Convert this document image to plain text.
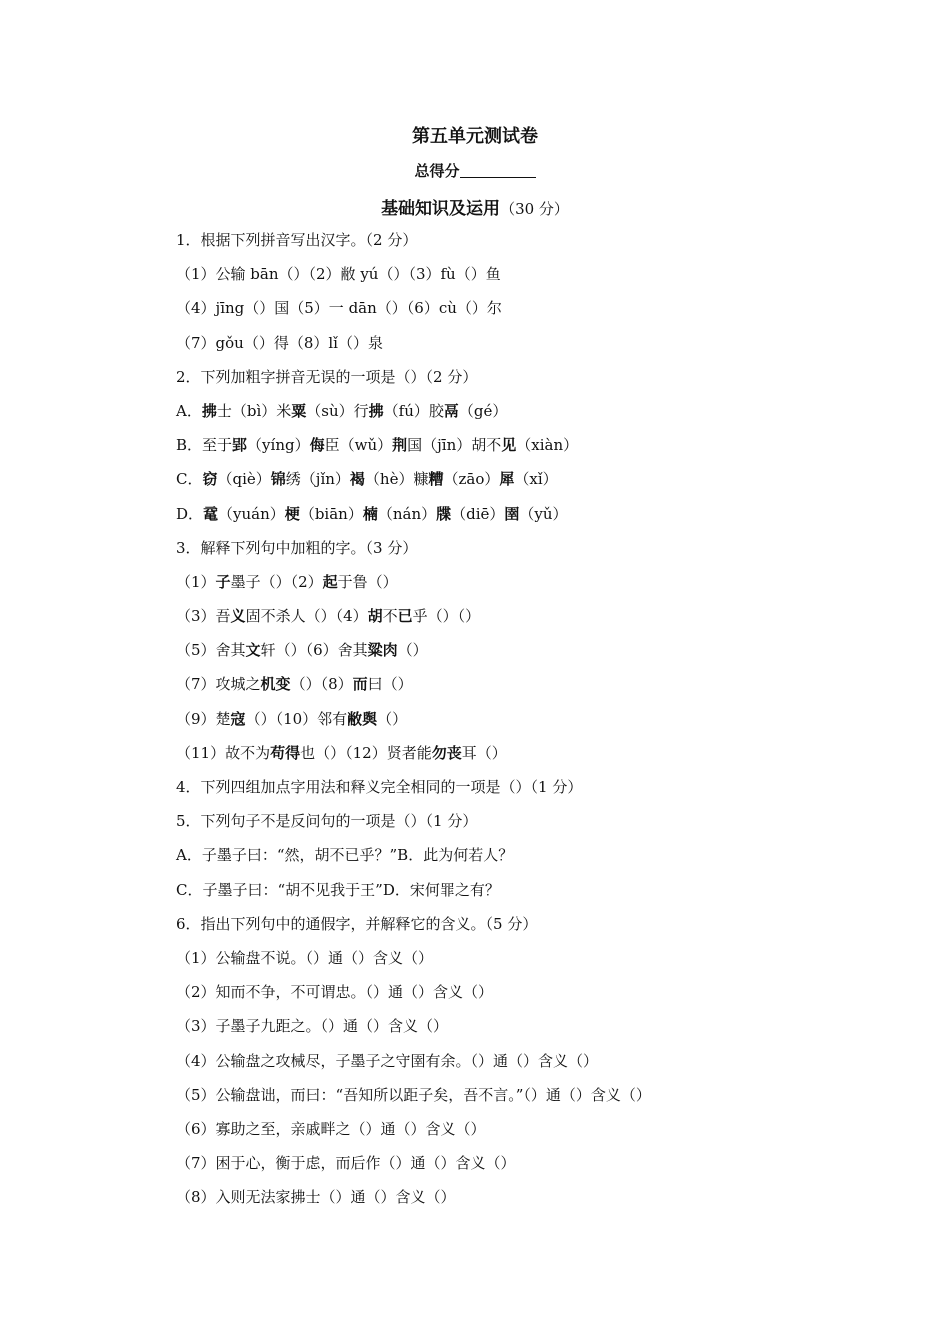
第五单元测试卷
总得分
基础知识及运用（30 分）
1．根据下列拼音写出汉字。（2 分）
（1）公输 bān（）（2）敝 yú（）（3）fù（）鱼
（4）jīng（）国（5）一 dān（）（6）cù（）尔
（7）gǒu（）得（8）lǐ（）泉
2．下列加粗字拼音无误的一项是（）（2 分）
A．拂士（bì）米粟（sù）行拂（fú）胶鬲（gé）
B．至于郢（yíng）侮臣（wǔ）荆国（jīn）胡不见（xiàn）
C．窃（qiè）锦绣（jǐn）褐（hè）糠糟（zāo）犀（xǐ）
D．鼋（yuán）梗（biān）楠（nán）牒（diē）圉（yǔ）
3．解释下列句中加粗的字。（3 分）
（1）子墨子（）（2）起于鲁（）
（3）吾义固不杀人（）（4）胡不已乎（）（）
（5）舍其文轩（）（6）舍其粱肉（）
（7）攻城之机变（）（8）而曰（）
（9）楚寇（）（10）邻有敝舆（）
（11）故不为苟得也（）（12）贤者能勿丧耳（）
4．下列四组加点字用法和释义完全相同的一项是（）（1 分）
5．下列句子不是反问句的一项是（）（1 分）
A．子墨子曰：“然，胡不已乎？”B．此为何若人？
C．子墨子曰：“胡不见我于王”D．宋何罪之有？
6．指出下列句中的通假字，并解释它的含义。（5 分）
（1）公输盘不说。（）通（）含义（）
（2）知而不争，不可谓忠。（）通（）含义（）
（3）子墨子九距之。（）通（）含义（）
（4）公输盘之攻械尽，子墨子之守圉有余。（）通（）含义（）
（5）公输盘诎，而曰：“吾知所以距子矣，吾不言。”（）通（）含义（）
（6）寡助之至，亲戚畔之（）通（）含义（）
（7）困于心，衡于虑，而后作（）通（）含义（）
（8）入则无法家拂士（）通（）含义（）
